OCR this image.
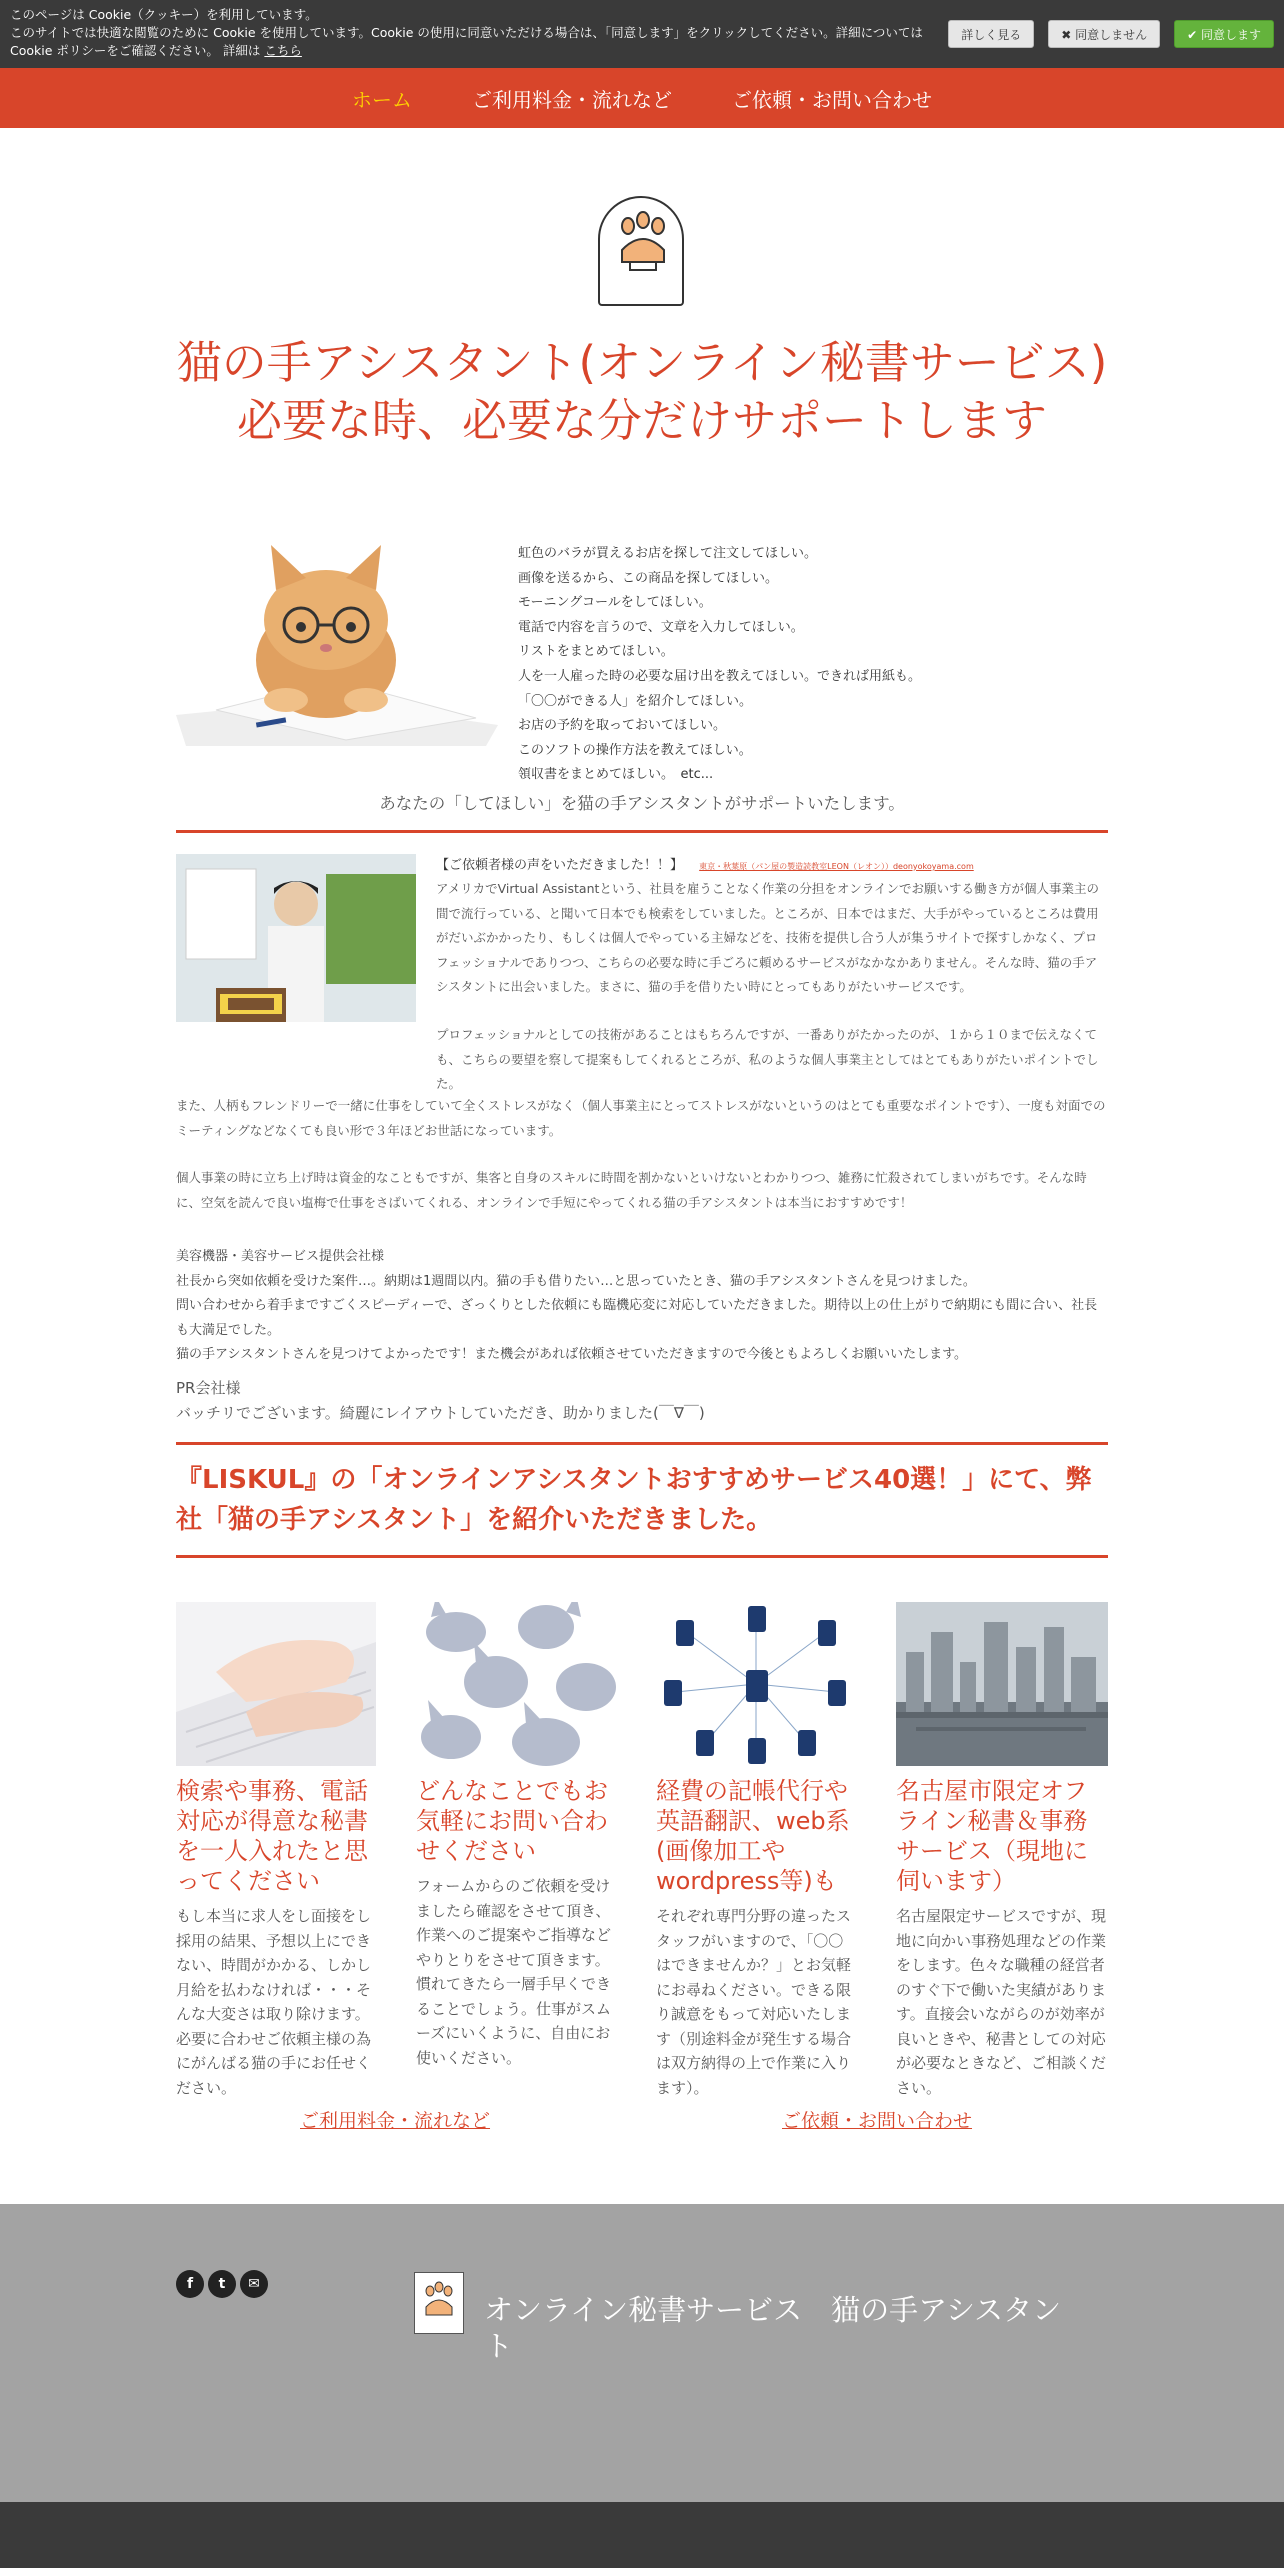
このページは Cookie（クッキー）を利用しています。
このサイトでは快適な閲覧のために Cookie を使用しています。Cookie の使用に同意いただける場合は、「同意します」をクリックしてください。詳細については Cookie ポリシーをご確認ください。 詳細は こちら
詳しく見る	✖ 同意しません	✔ 同意します
ホーム	ご利用料金・流れなど	ご依頼・お問い合わせ
猫の手アシスタント(オンライン秘書サービス)
必要な時、必要な分だけサポートします
虹色のバラが買えるお店を探して注文してほしい。
画像を送るから、この商品を探してほしい。
モーニングコールをしてほしい。
電話で内容を言うので、文章を入力してほしい。
リストをまとめてほしい。
人を一人雇った時の必要な届け出を教えてほしい。できれば用紙も。
「〇〇ができる人」を紹介してほしい。
お店の予約を取っておいてほしい。
このソフトの操作方法を教えてほしい。
領収書をまとめてほしい。　etc...
あなたの「してほしい」を猫の手アシスタントがサポートいたします。
【ご依頼者様の声をいただきました！！】 東京・秋葉原（パン屋の製造読教室LEON（レオン））deonyokoyama.com
アメリカでVirtual Assistantという、社員を雇うことなく作業の分担をオンラインでお願いする働き方が個人事業主の間で流行っている、と聞いて日本でも検索をしていました。ところが、日本ではまだ、大手がやっているところは費用がだいぶかかったり、もしくは個人でやっている主婦などを、技術を提供し合う人が集うサイトで探すしかなく、プロフェッショナルでありつつ、こちらの必要な時に手ごろに頼めるサービスがなかなかありません。そんな時、猫の手アシスタントに出会いました。まさに、猫の手を借りたい時にとってもありがたいサービスです。
プロフェッショナルとしての技術があることはもちろんですが、一番ありがたかったのが、１から１０まで伝えなくても、こちらの要望を察して提案もしてくれるところが、私のような個人事業主としてはとてもありがたいポイントでした。
また、人柄もフレンドリーで一緒に仕事をしていて全くストレスがなく（個人事業主にとってストレスがないというのはとても重要なポイントです）、一度も対面でのミーティングなどなくても良い形で３年ほどお世話になっています。
個人事業の時に立ち上げ時は資金的なこともですが、集客と自身のスキルに時間を割かないといけないとわかりつつ、雑務に忙殺されてしまいがちです。そんな時に、空気を読んで良い塩梅で仕事をさばいてくれる、オンラインで手短にやってくれる猫の手アシスタントは本当におすすめです！
美容機器・美容サービス提供会社様
社長から突如依頼を受けた案件…。納期は1週間以内。猫の手も借りたい…と思っていたとき、猫の手アシスタントさんを見つけました。
問い合わせから着手まですごくスピーディーで、ざっくりとした依頼にも臨機応変に対応していただきました。期待以上の仕上がりで納期にも間に合い、社長も大満足でした。
猫の手アシスタントさんを見つけてよかったです！また機会があれば依頼させていただきますので今後ともよろしくお願いいたします。
PR会社様
バッチリでございます。綺麗にレイアウトしていただき、助かりました(￣∇￣)
『LISKUL』の「オンラインアシスタントおすすめサービス40選！」にて、弊社「猫の手アシスタント」を紹介いただきました。
検索や事務、電話対応が得意な秘書を一人入れたと思ってください

もし本当に求人をし面接をし採用の結果、予想以上にできない、時間がかかる、しかし月給を払わなければ・・・そんな大変さは取り除けます。必要に合わせご依頼主様の為にがんばる猫の手にお任せください。

どんなことでもお気軽にお問い合わせください

フォームからのご依頼を受けましたら確認をさせて頂き、作業へのご提案やご指導などやりとりをさせて頂きます。慣れてきたら一層手早くできることでしょう。仕事がスムーズにいくように、自由にお使いください。

経費の記帳代行や英語翻訳、web系(画像加工やwordpress等)も

それぞれ専門分野の違ったスタッフがいますので、「〇〇はできませんか？」とお気軽にお尋ねください。できる限り誠意をもって対応いたします（別途料金が発生する場合は双方納得の上で作業に入ります）。

名古屋市限定オフライン秘書＆事務サービス（現地に伺います）

名古屋限定サービスですが、現地に向かい事務処理などの作業をします。色々な職種の経営者のすぐ下で働いた実績があります。直接会いながらのが効率が良いときや、秘書としての対応が必要なときなど、ご相談ください。

ご利用料金・流れなど	ご依頼・お問い合わせ
f	t	✉
オンライン秘書サービス　猫の手アシスタント
